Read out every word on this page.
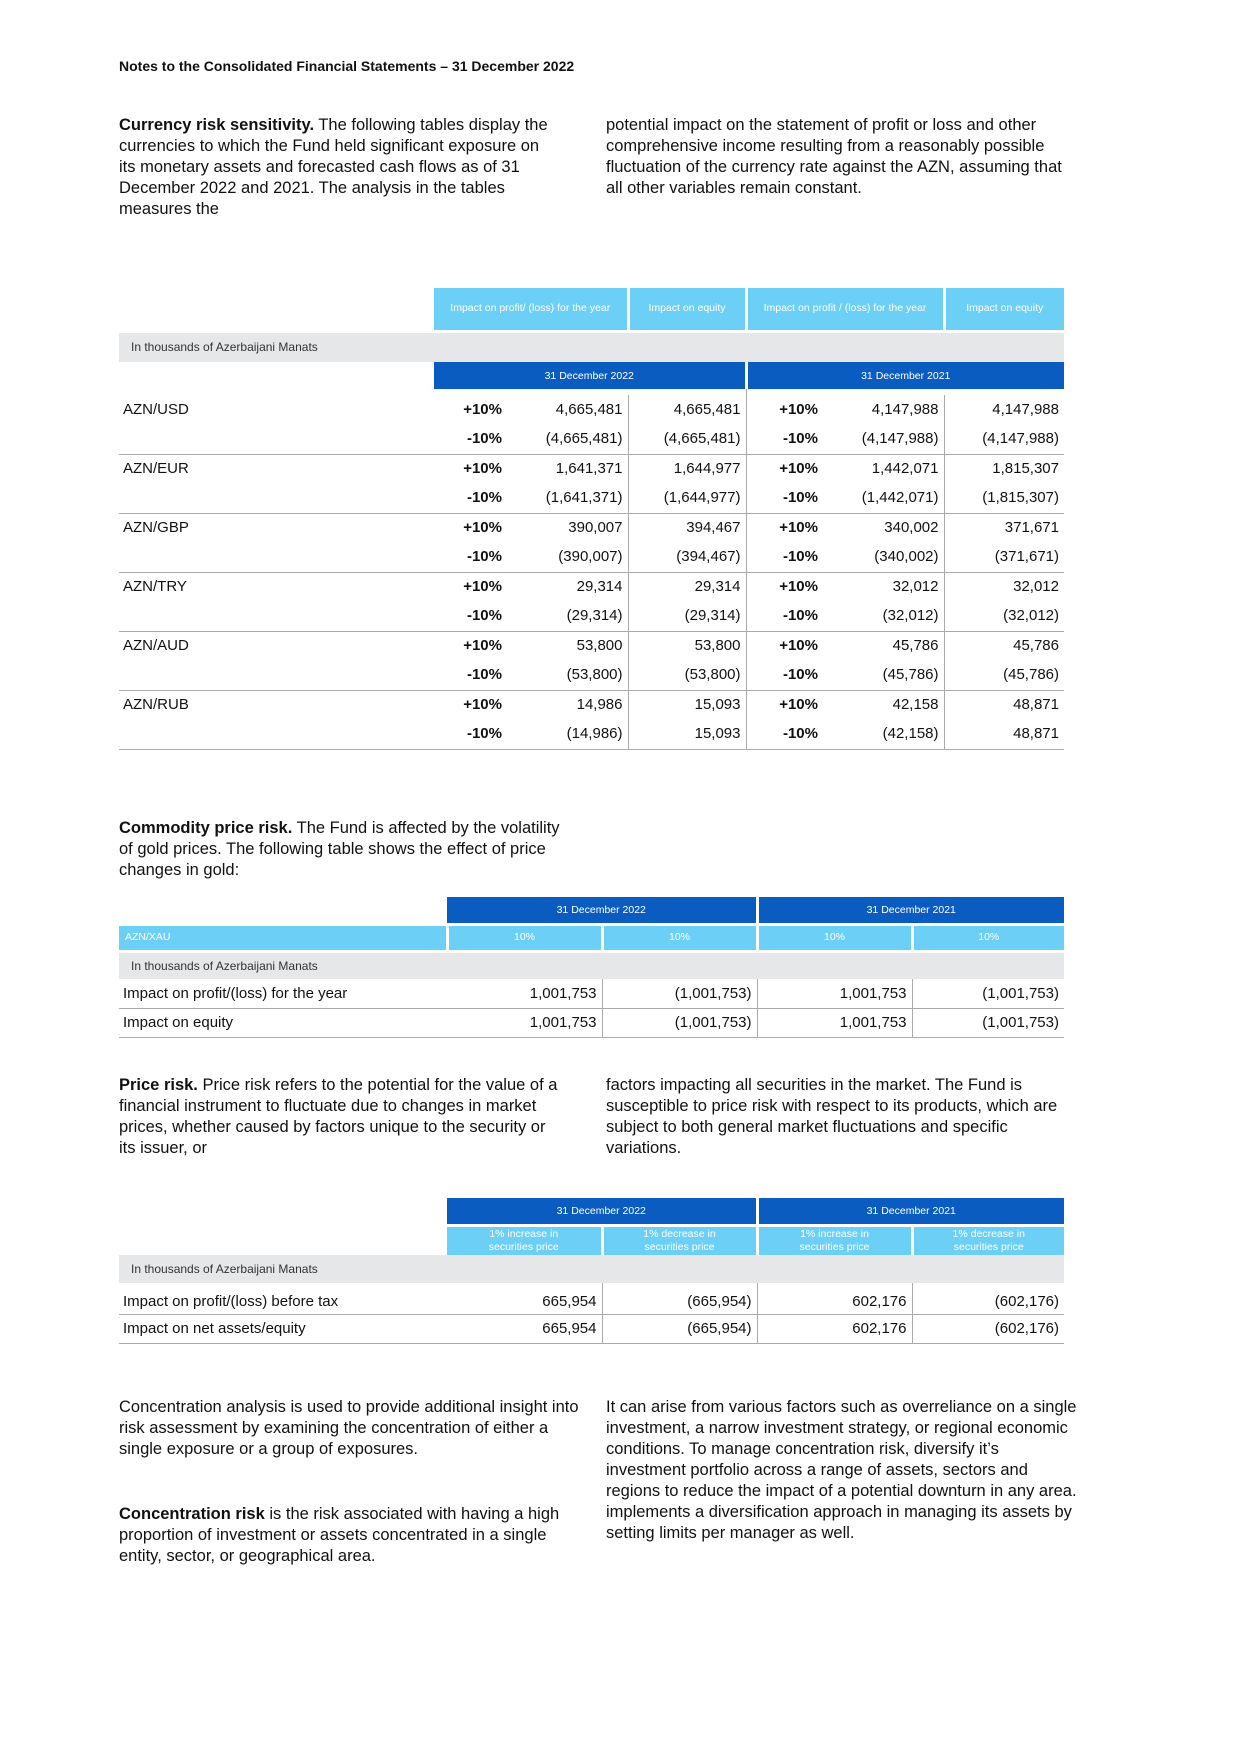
Notes to the Consolidated Financial Statements – 31 December 2022
Currency risk sensitivity. The following tables display the currencies to which the Fund held significant exposure on its monetary assets and forecasted cash flows as of 31 December 2022 and 2021. The analysis in the tables measures the
potential impact on the statement of profit or loss and other comprehensive income resulting from a reasonably possible fluctuation of the currency rate against the AZN, assuming that all other variables remain constant.
	Impact on profit/ (loss) for the year		Impact on equity	Impact on profit / (loss) for the year		Impact on equity
In thousands of Azerbaijani Manats						
	31 December 2022			31 December 2021		

AZN/USD	+10%	4,665,481	4,665,481	+10%	4,147,988	4,147,988
	-10%	(4,665,481)	(4,665,481)	-10%	(4,147,988)	(4,147,988)
AZN/EUR	+10%	1,641,371	1,644,977	+10%	1,442,071	1,815,307
	-10%	(1,641,371)	(1,644,977)	-10%	(1,442,071)	(1,815,307)
AZN/GBP	+10%	390,007	394,467	+10%	340,002	371,671
	-10%	(390,007)	(394,467)	-10%	(340,002)	(371,671)
AZN/TRY	+10%	29,314	29,314	+10%	32,012	32,012
	-10%	(29,314)	(29,314)	-10%	(32,012)	(32,012)
AZN/AUD	+10%	53,800	53,800	+10%	45,786	45,786
	-10%	(53,800)	(53,800)	-10%	(45,786)	(45,786)
AZN/RUB	+10%	14,986	15,093	+10%	42,158	48,871
	-10%	(14,986)	15,093	-10%	(42,158)	48,871
Commodity price risk. The Fund is affected by the volatility of gold prices. The following table shows the effect of price changes in gold:
	31 December 2022		31 December 2021	
AZN/XAU	10%	10%	10%	10%
In thousands of Azerbaijani Manats				
Impact on profit/(loss) for the year	1,001,753	(1,001,753)	1,001,753	(1,001,753)
Impact on equity	1,001,753	(1,001,753)	1,001,753	(1,001,753)
Price risk. Price risk refers to the potential for the value of a financial instrument to fluctuate due to changes in market prices, whether caused by factors unique to the security or its issuer, or
factors impacting all securities in the market. The Fund is susceptible to price risk with respect to its products, which are subject to both general market fluctuations and specific variations.
	31 December 2022		31 December 2021	
	1% increase in securities price	1% decrease in securities price	1% increase in securities price	1% decrease in securities price
In thousands of Azerbaijani Manats				

Impact on profit/(loss) before tax	665,954	(665,954)	602,176	(602,176)
Impact on net assets/equity	665,954	(665,954)	602,176	(602,176)
Concentration analysis is used to provide additional insight into risk assessment by examining the concentration of either a single exposure or a group of exposures.
Concentration risk is the risk associated with having a high proportion of investment or assets concentrated in a single entity, sector, or geographical area.
It can arise from various factors such as overreliance on a single investment, a narrow investment strategy, or regional economic conditions. To manage concentration risk, diversify it’s investment portfolio across a range of assets, sectors and regions to reduce the impact of a potential downturn in any area. implements a diversification approach in managing its assets by setting limits per manager as well.
